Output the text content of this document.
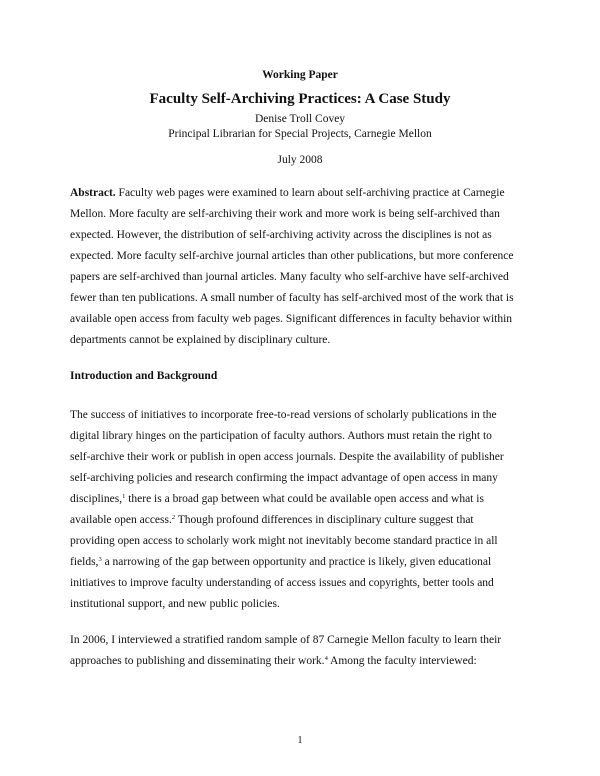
Working Paper
Faculty Self-Archiving Practices: A Case Study
Denise Troll Covey
Principal Librarian for Special Projects, Carnegie Mellon
July 2008
Abstract. Faculty web pages were examined to learn about self-archiving practice at Carnegie
Mellon. More faculty are self-archiving their work and more work is being self-archived than
expected. However, the distribution of self-archiving activity across the disciplines is not as
expected. More faculty self-archive journal articles than other publications, but more conference
papers are self-archived than journal articles. Many faculty who self-archive have self-archived
fewer than ten publications. A small number of faculty has self-archived most of the work that is
available open access from faculty web pages. Significant differences in faculty behavior within
departments cannot be explained by disciplinary culture.
Introduction and Background
The success of initiatives to incorporate free-to-read versions of scholarly publications in the
digital library hinges on the participation of faculty authors. Authors must retain the right to
self-archive their work or publish in open access journals. Despite the availability of publisher
self-archiving policies and research confirming the impact advantage of open access in many
disciplines,$^1$ there is a broad gap between what could be available open access and what is
available open access.$^2$ Though profound differences in disciplinary culture suggest that
providing open access to scholarly work might not inevitably become standard practice in all
fields,$^3$ a narrowing of the gap between opportunity and practice is likely, given educational
initiatives to improve faculty understanding of access issues and copyrights, better tools and
institutional support, and new public policies.
In 2006, I interviewed a stratified random sample of 87 Carnegie Mellon faculty to learn their
approaches to publishing and disseminating their work.$^4$ Among the faculty interviewed:
1
